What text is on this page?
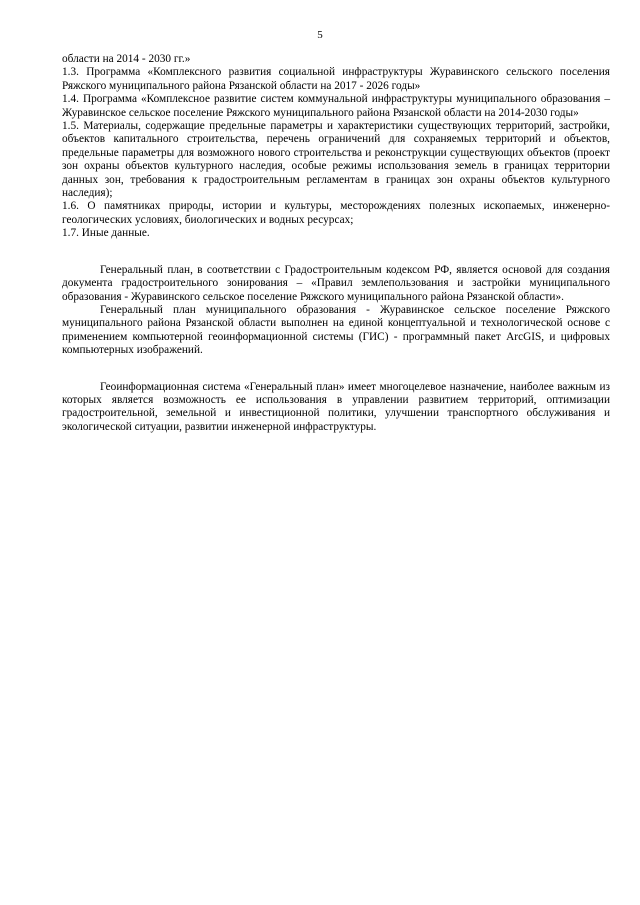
5

области на 2014 - 2030 гг.»

1.3. Программа «Комплексного развития социальной инфраструктуры Журавинского сельского поселения Ряжского муниципального района Рязанской области на 2017 - 2026 годы»

1.4. Программа «Комплексное развитие систем коммунальной инфраструктуры муниципального образования – Журавинское сельское поселение Ряжского муниципального района Рязанской области на 2014-2030 годы»

1.5. Материалы, содержащие предельные параметры и характеристики существующих территорий, застройки, объектов капитального строительства, перечень ограничений для сохраняемых территорий и объектов, предельные параметры для возможного нового строительства и реконструкции существующих объектов (проект зон охраны объектов культурного наследия, особые режимы использования земель в границах территории данных зон, требования к градостроительным регламентам в границах зон охраны объектов культурного наследия);

1.6. О памятниках природы, истории и культуры, месторождениях полезных ископаемых, инженерно-геологических условиях, биологических и водных ресурсах;

1.7. Иные данные.

Генеральный план, в соответствии с Градостроительным кодексом РФ, является основой для создания документа градостроительного зонирования – «Правил землепользования и застройки муниципального образования - Журавинского сельское поселение Ряжского муниципального района Рязанской области».

Генеральный план муниципального образования - Журавинское сельское поселение Ряжского муниципального района Рязанской области выполнен на единой концептуальной и технологической основе с применением компьютерной геоинформационной системы (ГИС) - программный пакет ArcGIS, и цифровых компьютерных изображений.

Геоинформационная система «Генеральный план» имеет многоцелевое назначение, наиболее важным из которых является возможность ее использования в управлении развитием территорий, оптимизации градостроительной, земельной и инвестиционной политики, улучшении транспортного обслуживания и экологической ситуации, развитии инженерной инфраструктуры.
